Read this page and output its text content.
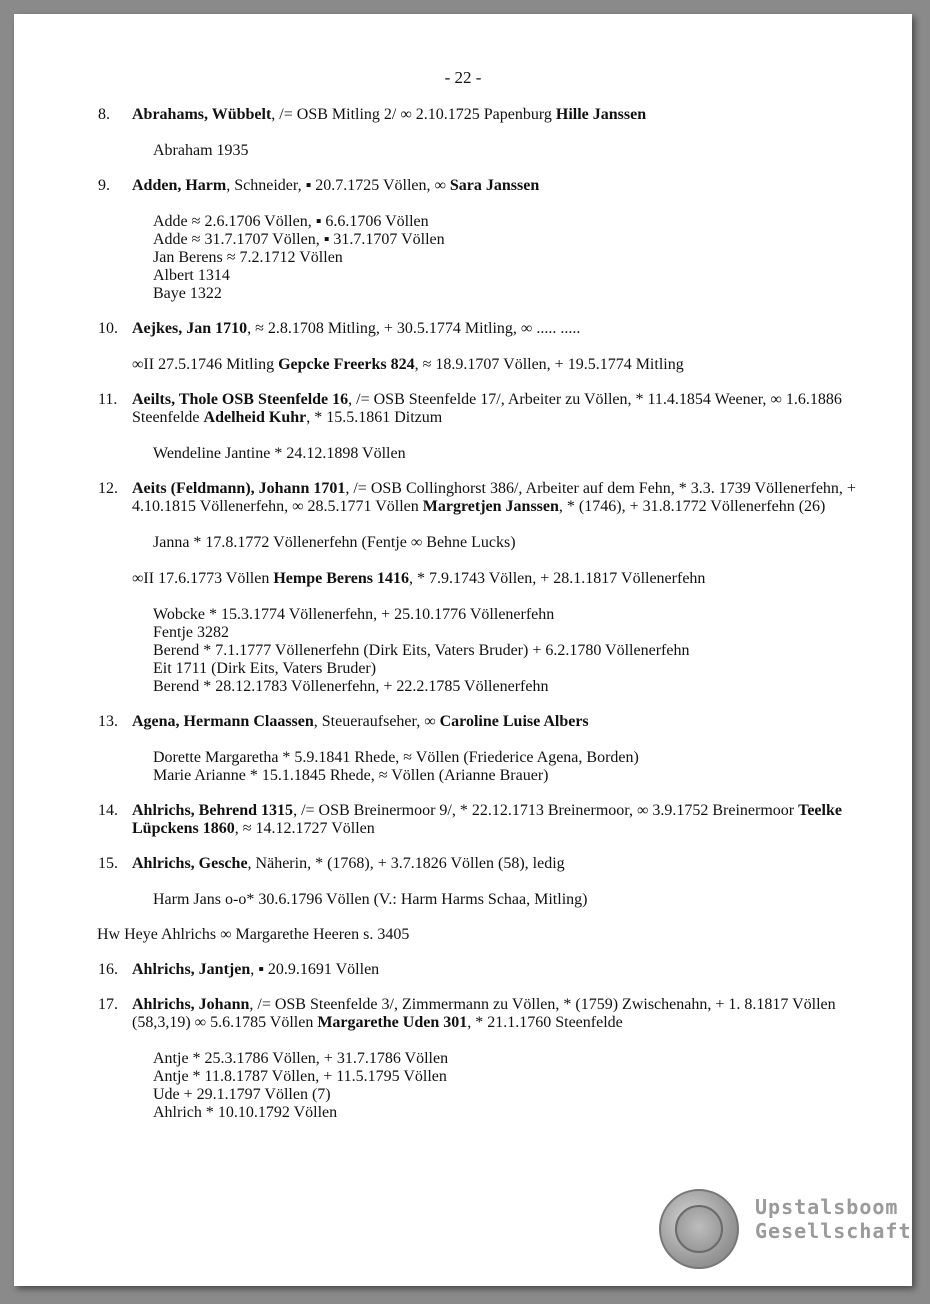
- 22 -
8. Abrahams, Wübbelt, /= OSB Mitling 2/ ∞ 2.10.1725 Papenburg Hille Janssen
Abraham 1935
9. Adden, Harm, Schneider, ▪ 20.7.1725 Völlen, ∞ Sara Janssen
Adde ≈ 2.6.1706 Völlen, ▪ 6.6.1706 Völlen
Adde ≈ 31.7.1707 Völlen, ▪ 31.7.1707 Völlen
Jan Berens ≈ 7.2.1712 Völlen
Albert 1314
Baye 1322
10. Aejkes, Jan 1710, ≈ 2.8.1708 Mitling, + 30.5.1774 Mitling, ∞ ..... .....
∞II 27.5.1746 Mitling Gepcke Freerks 824, ≈ 18.9.1707 Völlen, + 19.5.1774 Mitling
11. Aeilts, Thole OSB Steenfelde 16, /= OSB Steenfelde 17/, Arbeiter zu Völlen, * 11.4.1854 Weener, ∞ 1.6.1886 Steenfelde Adelheid Kuhr, * 15.5.1861 Ditzum
Wendeline Jantine * 24.12.1898 Völlen
12. Aeits (Feldmann), Johann 1701, /= OSB Collinghorst 386/, Arbeiter auf dem Fehn, * 3.3. 1739 Völlenerfehn, + 4.10.1815 Völlenerfehn, ∞ 28.5.1771 Völlen Margretjen Janssen, * (1746), + 31.8.1772 Völlenerfehn (26)
Janna * 17.8.1772 Völlenerfehn (Fentje ∞ Behne Lucks)
∞II 17.6.1773 Völlen Hempe Berens 1416, * 7.9.1743 Völlen, + 28.1.1817 Völlenerfehn
Wobcke * 15.3.1774 Völlenerfehn, + 25.10.1776 Völlenerfehn
Fentje 3282
Berend * 7.1.1777 Völlenerfehn (Dirk Eits, Vaters Bruder) + 6.2.1780 Völlenerfehn
Eit 1711 (Dirk Eits, Vaters Bruder)
Berend * 28.12.1783 Völlenerfehn, + 22.2.1785 Völlenerfehn
13. Agena, Hermann Claassen, Steueraufseher, ∞ Caroline Luise Albers
Dorette Margaretha * 5.9.1841 Rhede, ≈ Völlen (Friederice Agena, Borden)
Marie Arianne * 15.1.1845 Rhede, ≈ Völlen (Arianne Brauer)
14. Ahlrichs, Behrend 1315, /= OSB Breinermoor 9/, * 22.12.1713 Breinermoor, ∞ 3.9.1752 Breinermoor Teelke Lüpckens 1860, ≈ 14.12.1727 Völlen
15. Ahlrichs, Gesche, Näherin, * (1768), + 3.7.1826 Völlen (58), ledig
Harm Jans o-o* 30.6.1796 Völlen (V.: Harm Harms Schaa, Mitling)
Hw Heye Ahlrichs ∞ Margarethe Heeren s. 3405
16. Ahlrichs, Jantjen, ▪ 20.9.1691 Völlen
17. Ahlrichs, Johann, /= OSB Steenfelde 3/, Zimmermann zu Völlen, * (1759) Zwischenahn, + 1. 8.1817 Völlen (58,3,19) ∞ 5.6.1785 Völlen Margarethe Uden 301, * 21.1.1760 Steenfelde
Antje * 25.3.1786 Völlen, + 31.7.1786 Völlen
Antje * 11.8.1787 Völlen, + 11.5.1795 Völlen
Ude + 29.1.1797 Völlen (7)
Ahlrich * 10.10.1792 Völlen
Upstalsboom
Gesellschaft
